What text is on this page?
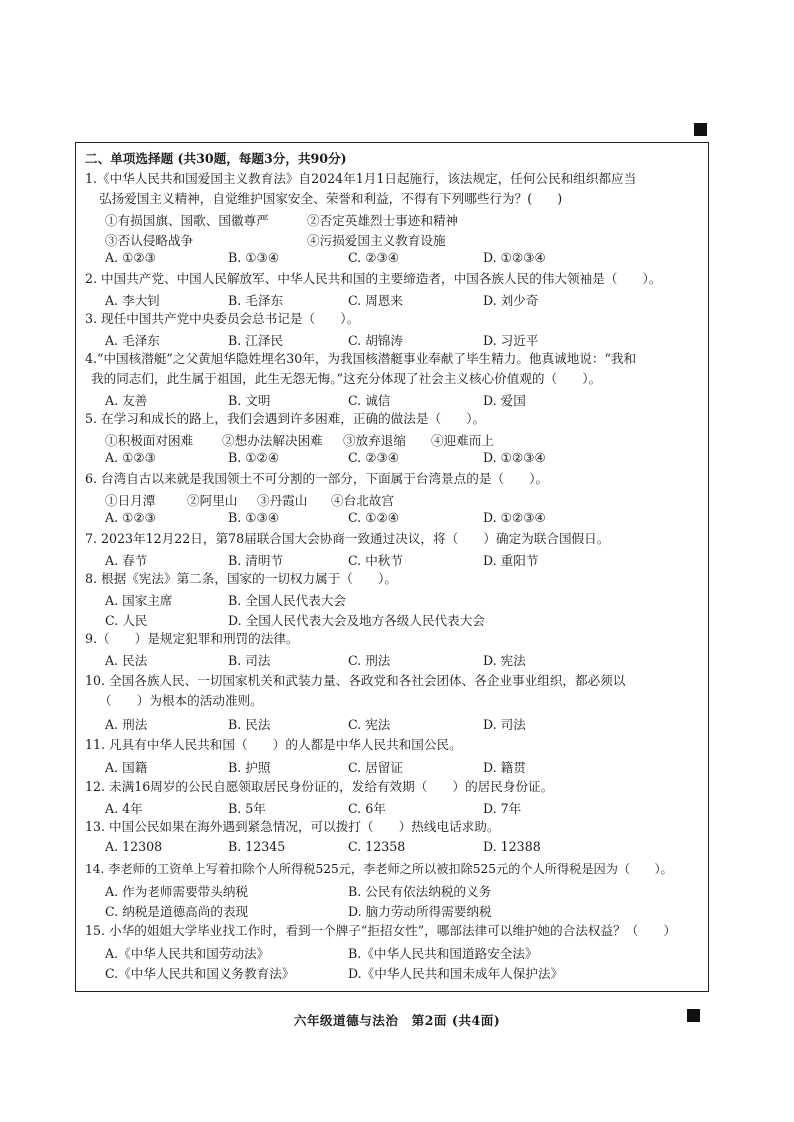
二、单项选择题 (共30题，每题3分，共90分)
1.《中华人民共和国爱国主义教育法》自2024年1月1日起施行，该法规定，任何公民和组织都应当
弘扬爱国主义精神，自觉维护国家安全、荣誉和利益，不得有下列哪些行为？(　　)
①有损国旗、国歌、国徽尊严	②否定英雄烈士事迹和精神
③否认侵略战争	④污损爱国主义教育设施
A. ①②③	B. ①③④	C. ②③④	D. ①②③④
2. 中国共产党、中国人民解放军、中华人民共和国的主要缔造者，中国各族人民的伟大领袖是（　　）。
A. 李大钊	B. 毛泽东	C. 周恩来	D. 刘少奇
3. 现任中国共产党中央委员会总书记是（　　）。
A. 毛泽东	B. 江泽民	C. 胡锦涛	D. 习近平
4.“中国核潜艇”之父黄旭华隐姓埋名30年，为我国核潜艇事业奉献了毕生精力。他真诚地说：“我和
我的同志们，此生属于祖国，此生无怨无悔。”这充分体现了社会主义核心价值观的（　　）。
A. 友善	B. 文明	C. 诚信	D. 爱国
5. 在学习和成长的路上，我们会遇到许多困难，正确的做法是（　　）。
①积极面对困难 ②想办法解决困难 ③放弃退缩 ④迎难而上
A. ①②③	B. ①②④	C. ②③④	D. ①②③④
6. 台湾自古以来就是我国领土不可分割的一部分，下面属于台湾景点的是（　　）。
①日月潭	②阿里山 ③丹霞山 ④台北故宫
A. ①②③	B. ①③④	C. ①②④	D. ①②③④
7. 2023年12月22日，第78届联合国大会协商一致通过决议，将（　　）确定为联合国假日。
A. 春节	B. 清明节	C. 中秋节	D. 重阳节
8. 根据《宪法》第二条，国家的一切权力属于（　　）。
A. 国家主席	B. 全国人民代表大会
C. 人民	D. 全国人民代表大会及地方各级人民代表大会
9.（　　）是规定犯罪和刑罚的法律。
A. 民法	B. 司法	C. 刑法	D. 宪法
10. 全国各族人民、一切国家机关和武装力量、各政党和各社会团体、各企业事业组织，都必须以
（　　）为根本的活动准则。
A. 刑法	B. 民法	C. 宪法	D. 司法
11. 凡具有中华人民共和国（　　）的人都是中华人民共和国公民。
A. 国籍	B. 护照	C. 居留证	D. 籍贯
12. 未满16周岁的公民自愿领取居民身份证的，发给有效期（　　）的居民身份证。
A. 4年	B. 5年	C. 6年	D. 7年
13. 中国公民如果在海外遇到紧急情况，可以拨打（　　）热线电话求助。
A. 12308	B. 12345	C. 12358	D. 12388
14. 李老师的工资单上写着扣除个人所得税525元，李老师之所以被扣除525元的个人所得税是因为（　　）。
A. 作为老师需要带头纳税	B. 公民有依法纳税的义务
C. 纳税是道德高尚的表现	D. 脑力劳动所得需要纳税
15. 小华的姐姐大学毕业找工作时，看到一个牌子“拒招女性”，哪部法律可以维护她的合法权益？（　　）
A.《中华人民共和国劳动法》	B.《中华人民共和国道路安全法》
C.《中华人民共和国义务教育法》	D.《中华人民共和国未成年人保护法》
六年级道德与法治　第2面 (共4面)
